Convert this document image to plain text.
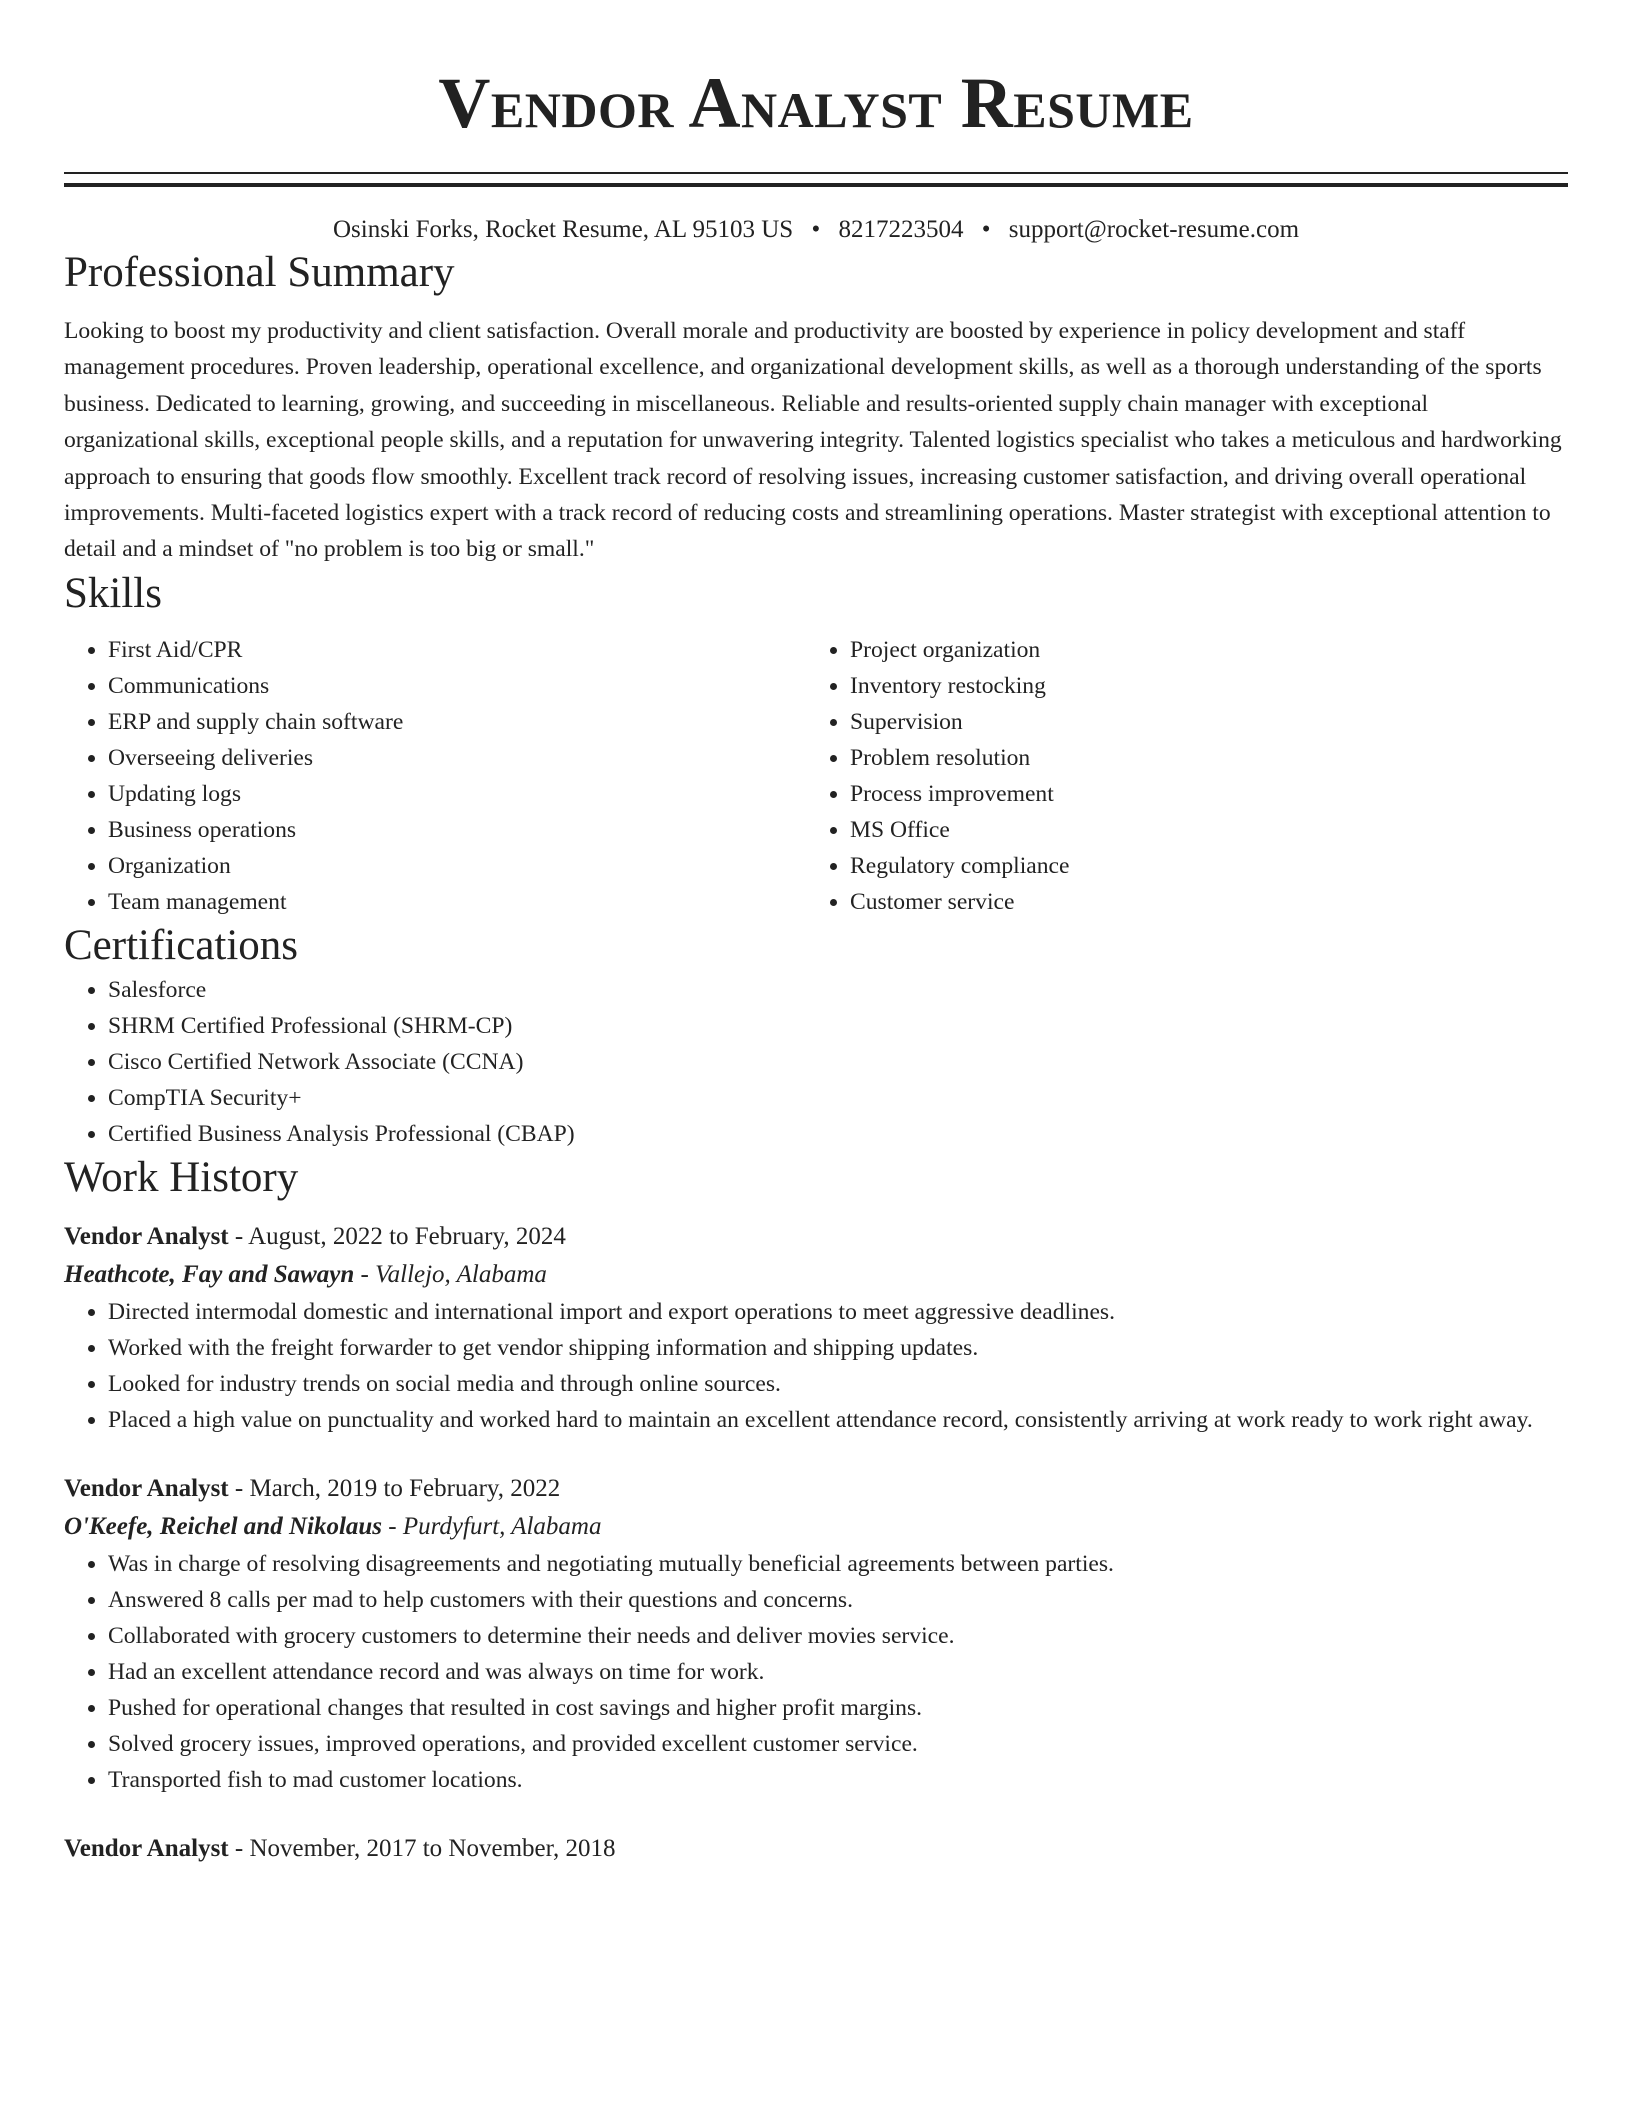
Vendor Analyst Resume
Osinski Forks, Rocket Resume, AL 95103 US • 8217223504 • support@rocket-resume.com
Professional Summary
Looking to boost my productivity and client satisfaction. Overall morale and productivity are boosted by experience in policy development and staff management procedures. Proven leadership, operational excellence, and organizational development skills, as well as a thorough understanding of the sports business. Dedicated to learning, growing, and succeeding in miscellaneous. Reliable and results-oriented supply chain manager with exceptional organizational skills, exceptional people skills, and a reputation for unwavering integrity. Talented logistics specialist who takes a meticulous and hardworking approach to ensuring that goods flow smoothly. Excellent track record of resolving issues, increasing customer satisfaction, and driving overall operational improvements. Multi-faceted logistics expert with a track record of reducing costs and streamlining operations. Master strategist with exceptional attention to detail and a mindset of "no problem is too big or small."
Skills
• First Aid/CPR
• Communications
• ERP and supply chain software
• Overseeing deliveries
• Updating logs
• Business operations
• Organization
• Team management
• Project organization
• Inventory restocking
• Supervision
• Problem resolution
• Process improvement
• MS Office
• Regulatory compliance
• Customer service
Certifications
• Salesforce
• SHRM Certified Professional (SHRM-CP)
• Cisco Certified Network Associate (CCNA)
• CompTIA Security+
• Certified Business Analysis Professional (CBAP)
Work History
Vendor Analyst - August, 2022 to February, 2024
Heathcote, Fay and Sawayn - Vallejo, Alabama
• Directed intermodal domestic and international import and export operations to meet aggressive deadlines.
• Worked with the freight forwarder to get vendor shipping information and shipping updates.
• Looked for industry trends on social media and through online sources.
• Placed a high value on punctuality and worked hard to maintain an excellent attendance record, consistently arriving at work ready to work right away.
Vendor Analyst - March, 2019 to February, 2022
O'Keefe, Reichel and Nikolaus - Purdyfurt, Alabama
• Was in charge of resolving disagreements and negotiating mutually beneficial agreements between parties.
• Answered 8 calls per mad to help customers with their questions and concerns.
• Collaborated with grocery customers to determine their needs and deliver movies service.
• Had an excellent attendance record and was always on time for work.
• Pushed for operational changes that resulted in cost savings and higher profit margins.
• Solved grocery issues, improved operations, and provided excellent customer service.
• Transported fish to mad customer locations.
Vendor Analyst - November, 2017 to November, 2018
